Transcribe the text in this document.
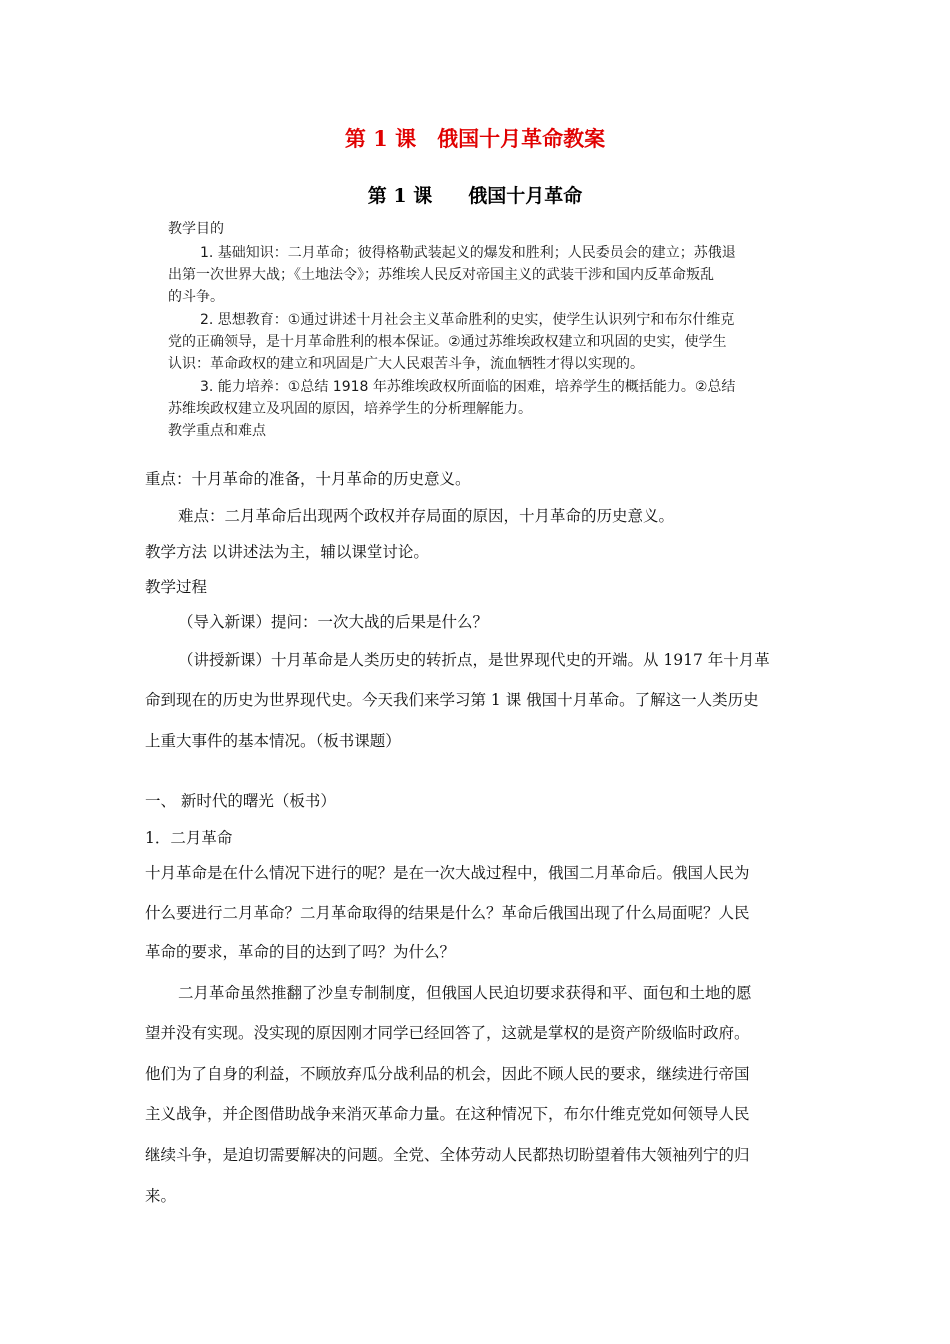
第 1 课　俄国十月革命教案
第 1 课 俄国十月革命
教学目的
1. 基础知识：二月革命；彼得格勒武装起义的爆发和胜利；人民委员会的建立；苏俄退
出第一次世界大战；《土地法令》；苏维埃人民反对帝国主义的武装干涉和国内反革命叛乱
的斗争。
2. 思想教育：①通过讲述十月社会主义革命胜利的史实，使学生认识列宁和布尔什维克
党的正确领导，是十月革命胜利的根本保证。②通过苏维埃政权建立和巩固的史实，使学生
认识：革命政权的建立和巩固是广大人民艰苦斗争，流血牺牲才得以实现的。
3. 能力培养：①总结 1918 年苏维埃政权所面临的困难，培养学生的概括能力。②总结
苏维埃政权建立及巩固的原因，培养学生的分析理解能力。
教学重点和难点
重点：十月革命的准备，十月革命的历史意义。
难点：二月革命后出现两个政权并存局面的原因，十月革命的历史意义。
教学方法 以讲述法为主，辅以课堂讨论。
教学过程
（导入新课）提问：一次大战的后果是什么？
（讲授新课）十月革命是人类历史的转折点，是世界现代史的开端。从 1917 年十月革
命到现在的历史为世界现代史。今天我们来学习第 1 课 俄国十月革命。了解这一人类历史
上重大事件的基本情况。（板书课题）
一、 新时代的曙光（板书）
1．二月革命
十月革命是在什么情况下进行的呢？是在一次大战过程中，俄国二月革命后。俄国人民为
什么要进行二月革命？二月革命取得的结果是什么？革命后俄国出现了什么局面呢？人民
革命的要求，革命的目的达到了吗？为什么？
二月革命虽然推翻了沙皇专制制度，但俄国人民迫切要求获得和平、面包和土地的愿
望并没有实现。没实现的原因刚才同学已经回答了，这就是掌权的是资产阶级临时政府。
他们为了自身的利益，不顾放弃瓜分战利品的机会，因此不顾人民的要求，继续进行帝国
主义战争，并企图借助战争来消灭革命力量。在这种情况下，布尔什维克党如何领导人民
继续斗争，是迫切需要解决的问题。全党、全体劳动人民都热切盼望着伟大领袖列宁的归
来。
